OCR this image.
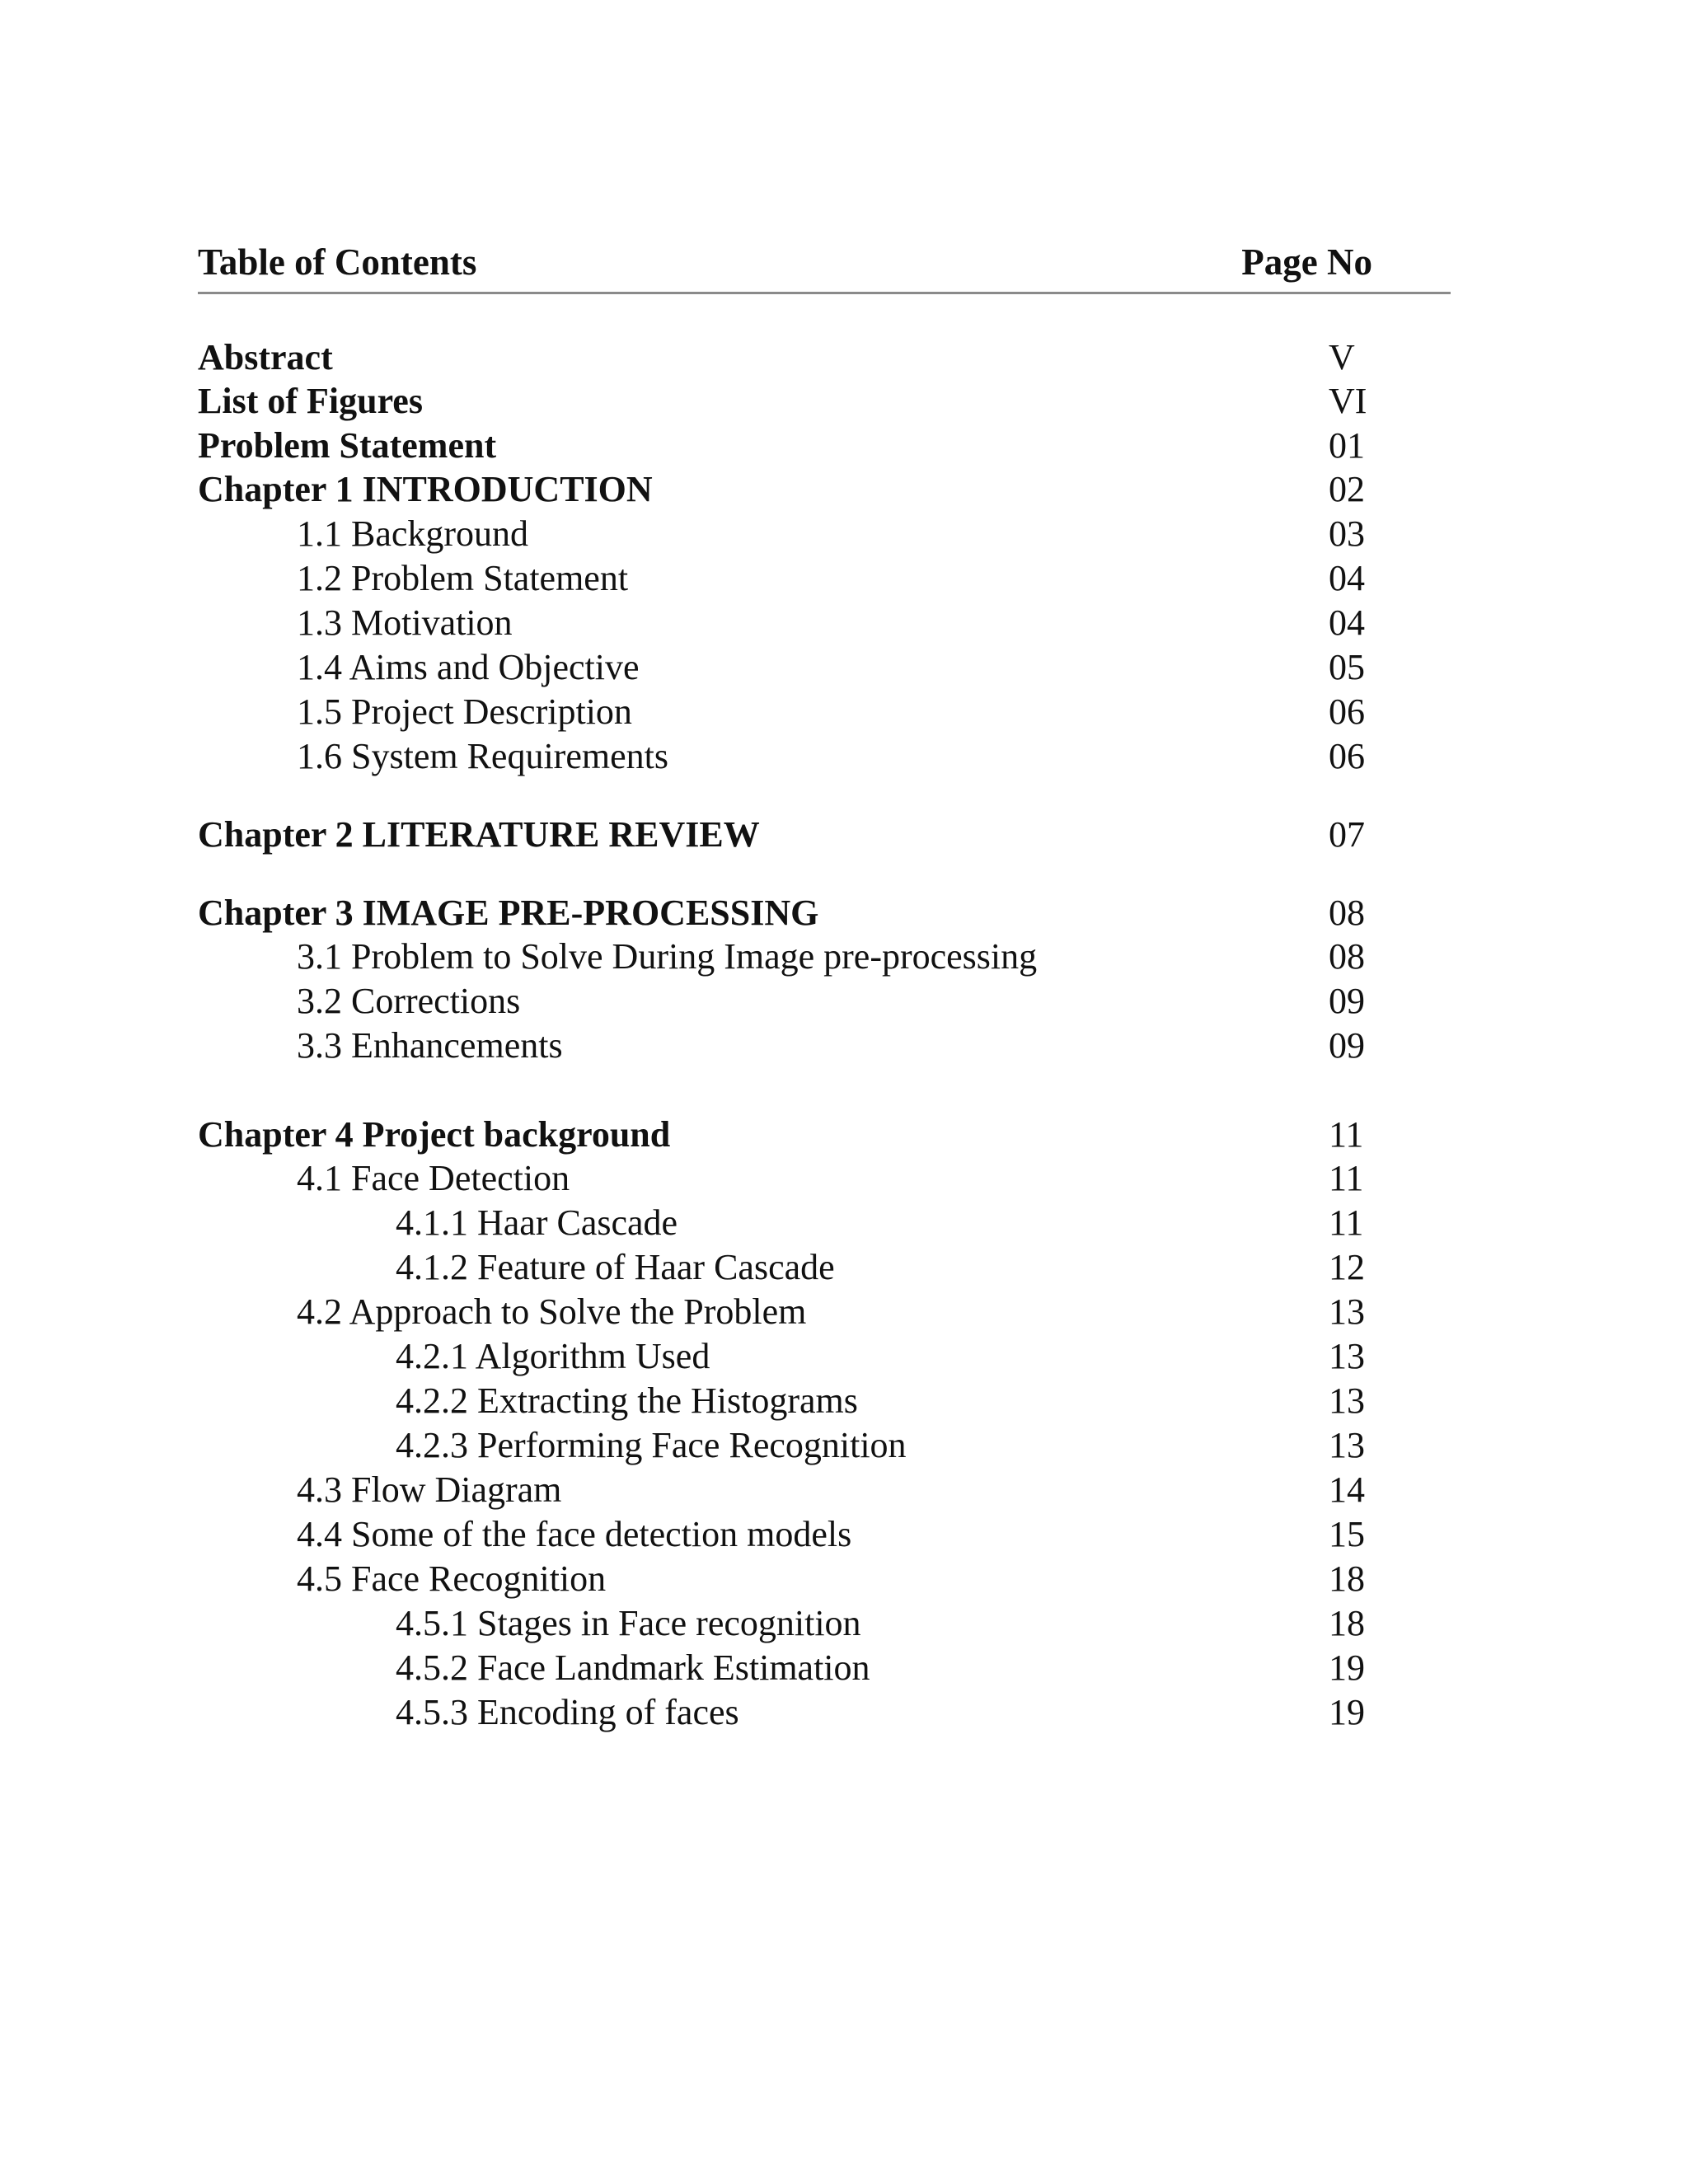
Table of Contents	Page No
Abstract	V
List of Figures	VI
Problem Statement	01
Chapter 1 INTRODUCTION	02
1.1 Background	03
1.2 Problem Statement	04
1.3 Motivation	04
1.4 Aims and Objective	05
1.5 Project Description	06
1.6 System Requirements	06
Chapter 2 LITERATURE REVIEW	07
Chapter 3 IMAGE PRE-PROCESSING	08
3.1 Problem to Solve During Image pre-processing	08
3.2 Corrections	09
3.3 Enhancements	09
Chapter 4 Project background	11
4.1 Face Detection	11
4.1.1 Haar Cascade	11
4.1.2 Feature of Haar Cascade	12
4.2 Approach to Solve the Problem	13
4.2.1 Algorithm Used	13
4.2.2 Extracting the Histograms	13
4.2.3 Performing Face Recognition	13
4.3 Flow Diagram	14
4.4 Some of the face detection models	15
4.5 Face Recognition	18
4.5.1 Stages in Face recognition	18
4.5.2 Face Landmark Estimation	19
4.5.3 Encoding of faces	19
